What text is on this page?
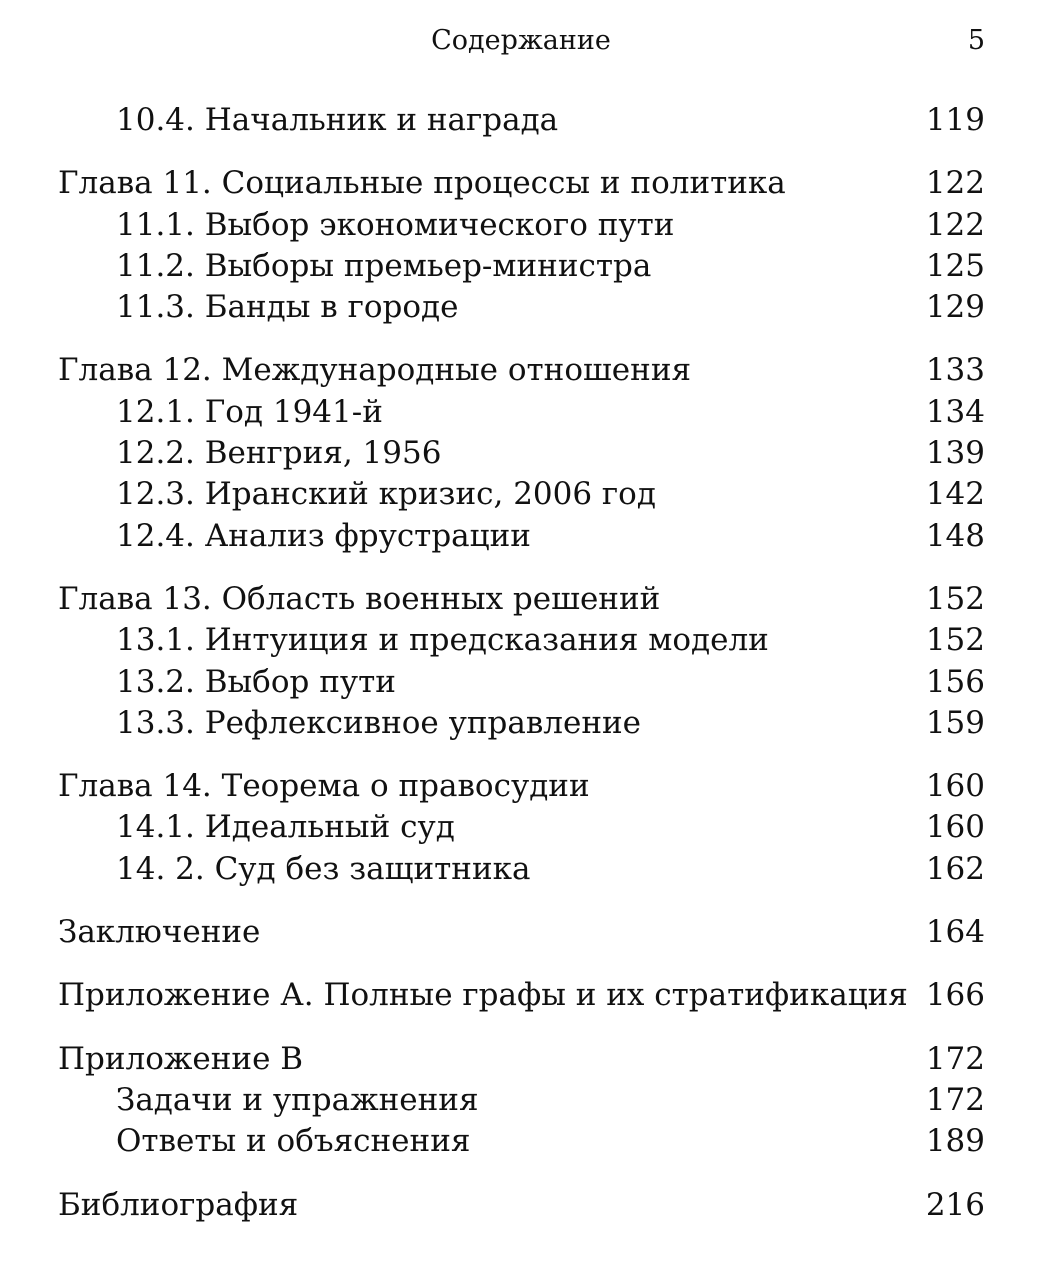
Содержание	5
10.4. Начальник и награда	119
Глава 11. Социальные процессы и политика	122
11.1. Выбор экономического пути	122
11.2. Выборы премьер-министра	125
11.3. Банды в городе	129
Глава 12. Международные отношения	133
12.1. Год 1941-й	134
12.2. Венгрия, 1956	139
12.3. Иранский кризис, 2006 год	142
12.4. Анализ фрустрации	148
Глава 13. Область военных решений	152
13.1. Интуиция и предсказания модели	152
13.2. Выбор пути	156
13.3. Рефлексивное управление	159
Глава 14. Теорема о правосудии	160
14.1. Идеальный суд	160
14. 2. Суд без защитника	162
Заключение	164
Приложение А. Полные графы и их стратификация 166
Приложение В	172
Задачи и упражнения	172
Ответы и объяснения	189
Библиография	216
